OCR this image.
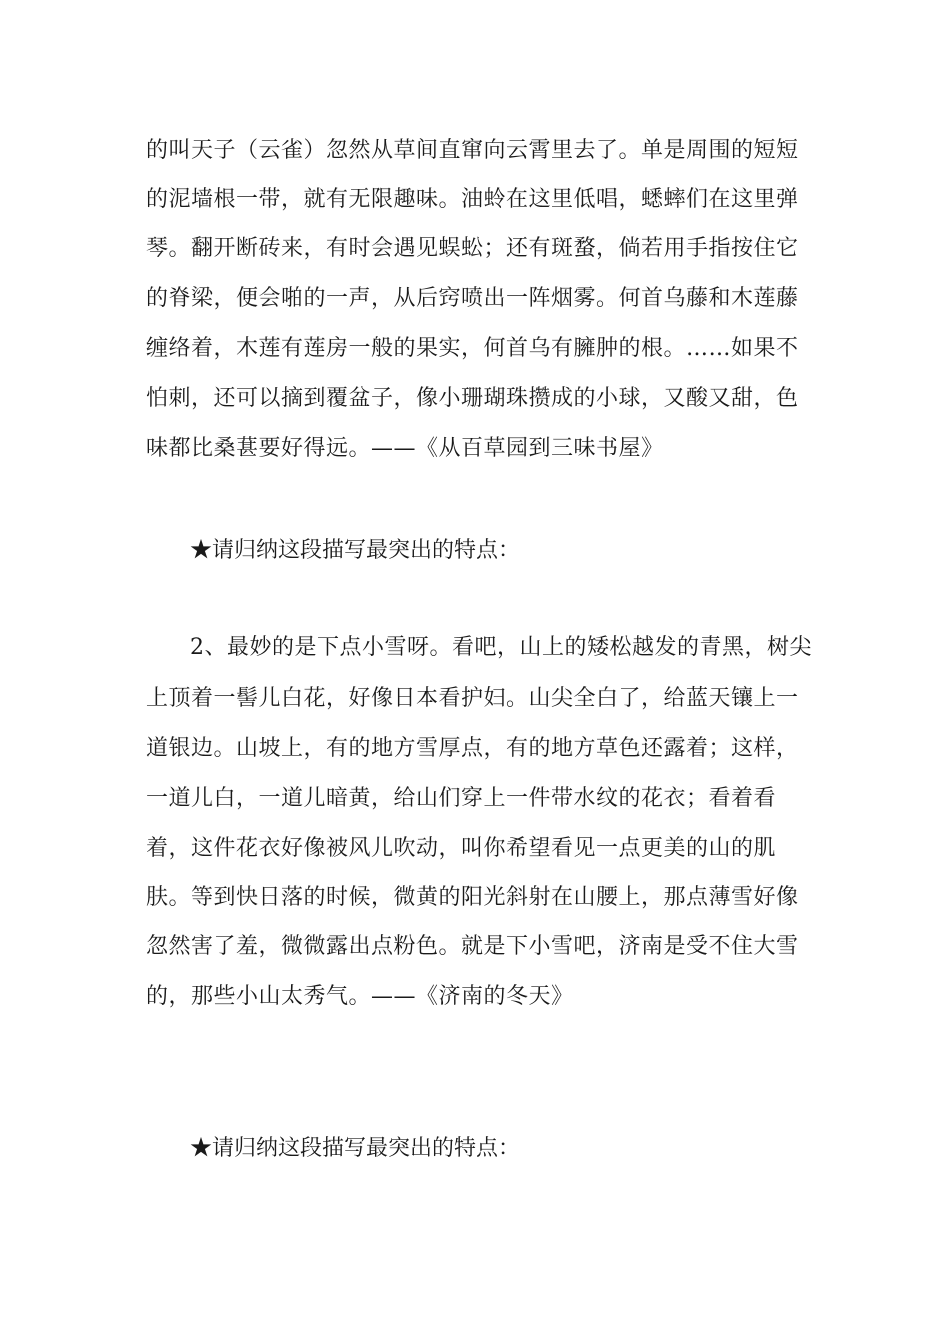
的叫天子（云雀）忽然从草间直窜向云霄里去了。单是周围的短短
的泥墙根一带，就有无限趣味。油蛉在这里低唱，蟋蟀们在这里弹
琴。翻开断砖来，有时会遇见蜈蚣；还有斑蝥，倘若用手指按住它
的脊梁，便会啪的一声，从后窍喷出一阵烟雾。何首乌藤和木莲藤
缠络着，木莲有莲房一般的果实，何首乌有臃肿的根。……如果不
怕刺，还可以摘到覆盆子，像小珊瑚珠攒成的小球，又酸又甜，色
味都比桑葚要好得远。——《从百草园到三味书屋》
★请归纳这段描写最突出的特点：
2、最妙的是下点小雪呀。看吧，山上的矮松越发的青黑，树尖
上顶着一髻儿白花，好像日本看护妇。山尖全白了，给蓝天镶上一
道银边。山坡上，有的地方雪厚点，有的地方草色还露着；这样，
一道儿白，一道儿暗黄，给山们穿上一件带水纹的花衣；看着看
着，这件花衣好像被风儿吹动，叫你希望看见一点更美的山的肌
肤。等到快日落的时候，微黄的阳光斜射在山腰上，那点薄雪好像
忽然害了羞，微微露出点粉色。就是下小雪吧，济南是受不住大雪
的，那些小山太秀气。——《济南的冬天》
★请归纳这段描写最突出的特点：
